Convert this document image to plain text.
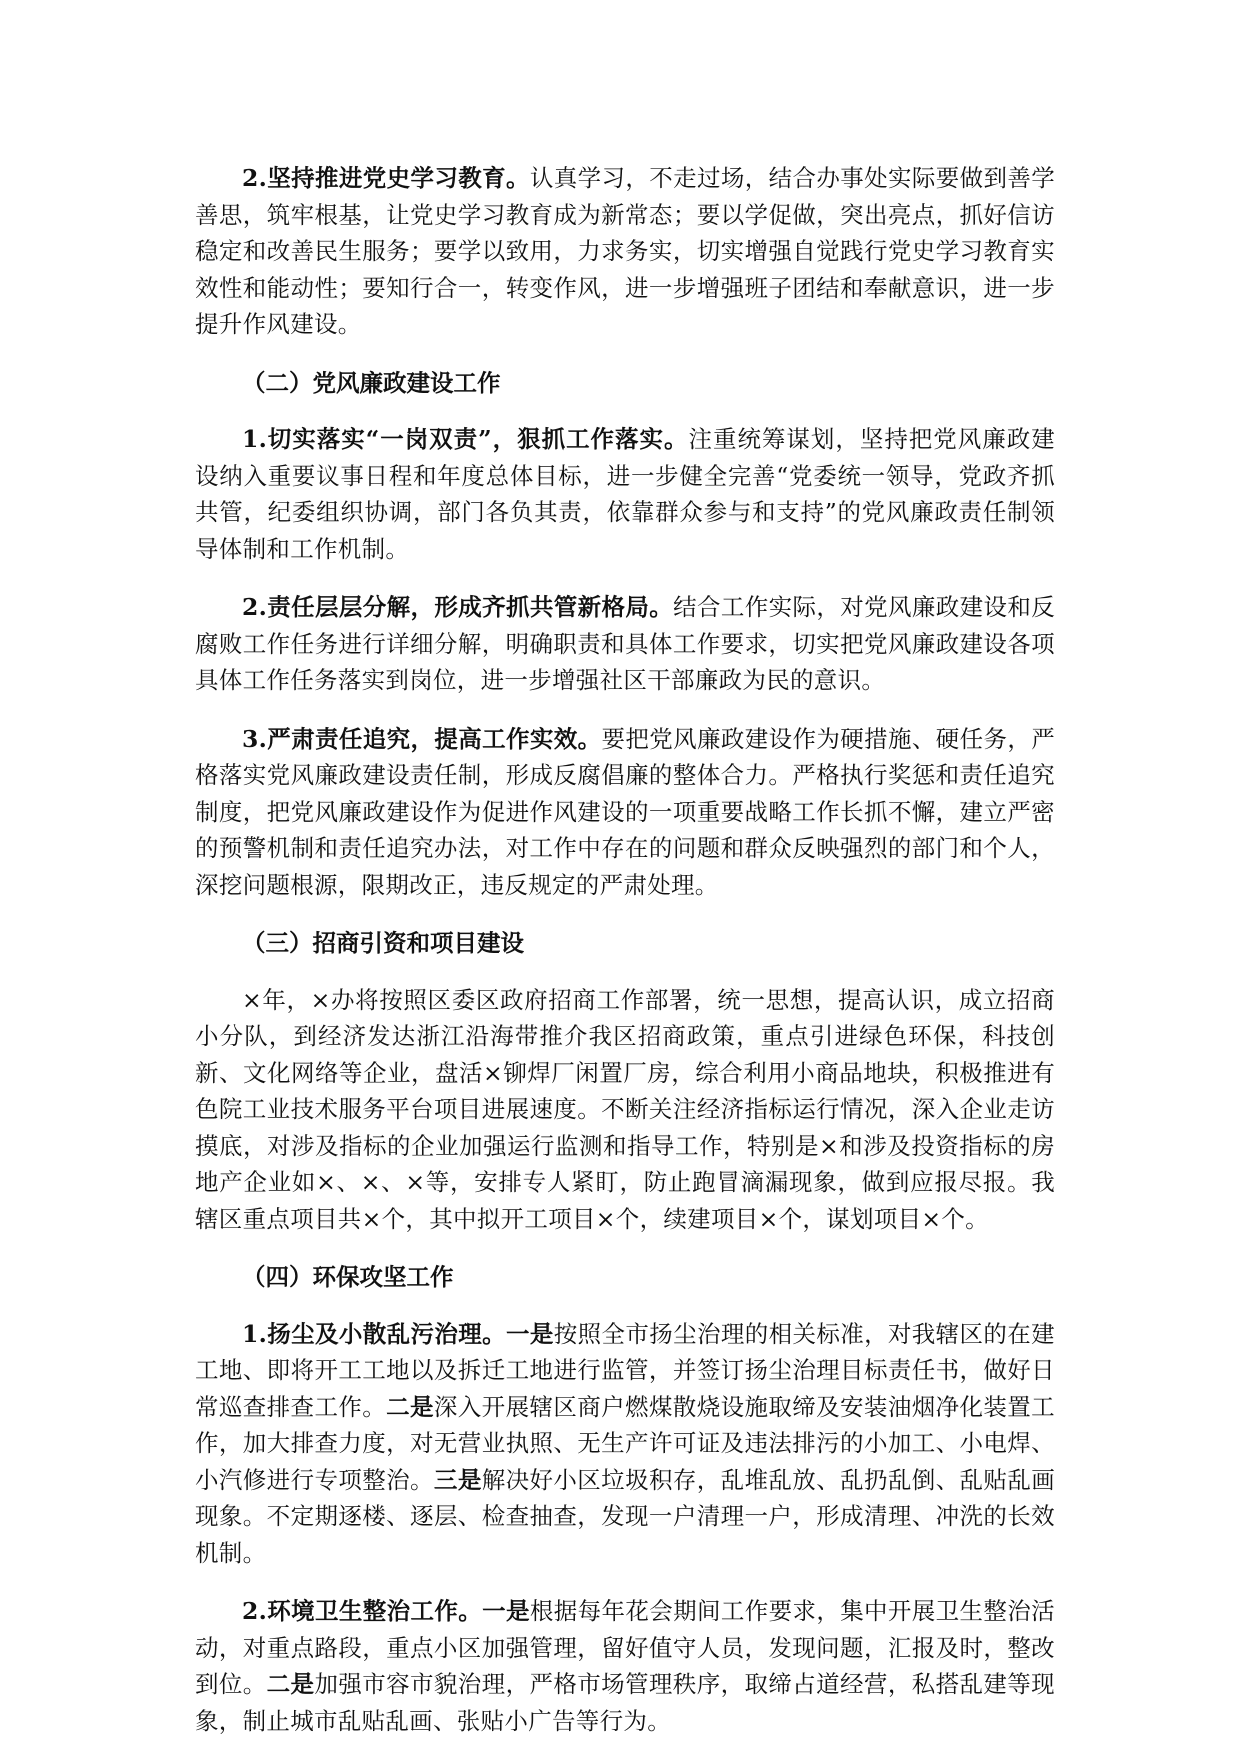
2.坚持推进党史学习教育。认真学习，不走过场，结合办事处实际要做到善学善思，筑牢根基，让党史学习教育成为新常态；要以学促做，突出亮点，抓好信访稳定和改善民生服务；要学以致用，力求务实，切实增强自觉践行党史学习教育实效性和能动性；要知行合一，转变作风，进一步增强班子团结和奉献意识，进一步提升作风建设。

（二）党风廉政建设工作

1.切实落实“一岗双责”，狠抓工作落实。注重统筹谋划，坚持把党风廉政建设纳入重要议事日程和年度总体目标，进一步健全完善“党委统一领导，党政齐抓共管，纪委组织协调，部门各负其责，依靠群众参与和支持”的党风廉政责任制领导体制和工作机制。

2.责任层层分解，形成齐抓共管新格局。结合工作实际，对党风廉政建设和反腐败工作任务进行详细分解，明确职责和具体工作要求，切实把党风廉政建设各项具体工作任务落实到岗位，进一步增强社区干部廉政为民的意识。

3.严肃责任追究，提高工作实效。要把党风廉政建设作为硬措施、硬任务，严格落实党风廉政建设责任制，形成反腐倡廉的整体合力。严格执行奖惩和责任追究制度，把党风廉政建设作为促进作风建设的一项重要战略工作长抓不懈，建立严密的预警机制和责任追究办法，对工作中存在的问题和群众反映强烈的部门和个人，深挖问题根源，限期改正，违反规定的严肃处理。

（三）招商引资和项目建设

×年，×办将按照区委区政府招商工作部署，统一思想，提高认识，成立招商小分队，到经济发达浙江沿海带推介我区招商政策，重点引进绿色环保，科技创新、文化网络等企业，盘活×铆焊厂闲置厂房，综合利用小商品地块，积极推进有色院工业技术服务平台项目进展速度。不断关注经济指标运行情况，深入企业走访摸底，对涉及指标的企业加强运行监测和指导工作，特别是×和涉及投资指标的房地产企业如×、×、×等，安排专人紧盯，防止跑冒滴漏现象，做到应报尽报。我辖区重点项目共×个，其中拟开工项目×个，续建项目×个，谋划项目×个。

（四）环保攻坚工作

1.扬尘及小散乱污治理。一是按照全市扬尘治理的相关标准，对我辖区的在建工地、即将开工工地以及拆迁工地进行监管，并签订扬尘治理目标责任书，做好日常巡查排查工作。二是深入开展辖区商户燃煤散烧设施取缔及安装油烟净化装置工作，加大排查力度，对无营业执照、无生产许可证及违法排污的小加工、小电焊、小汽修进行专项整治。三是解决好小区垃圾积存，乱堆乱放、乱扔乱倒、乱贴乱画现象。不定期逐楼、逐层、检查抽查，发现一户清理一户，形成清理、冲洗的长效机制。

2.环境卫生整治工作。一是根据每年花会期间工作要求，集中开展卫生整治活动，对重点路段，重点小区加强管理，留好值守人员，发现问题，汇报及时，整改到位。二是加强市容市貌治理，严格市场管理秩序，取缔占道经营，私搭乱建等现象，制止城市乱贴乱画、张贴小广告等行为。
